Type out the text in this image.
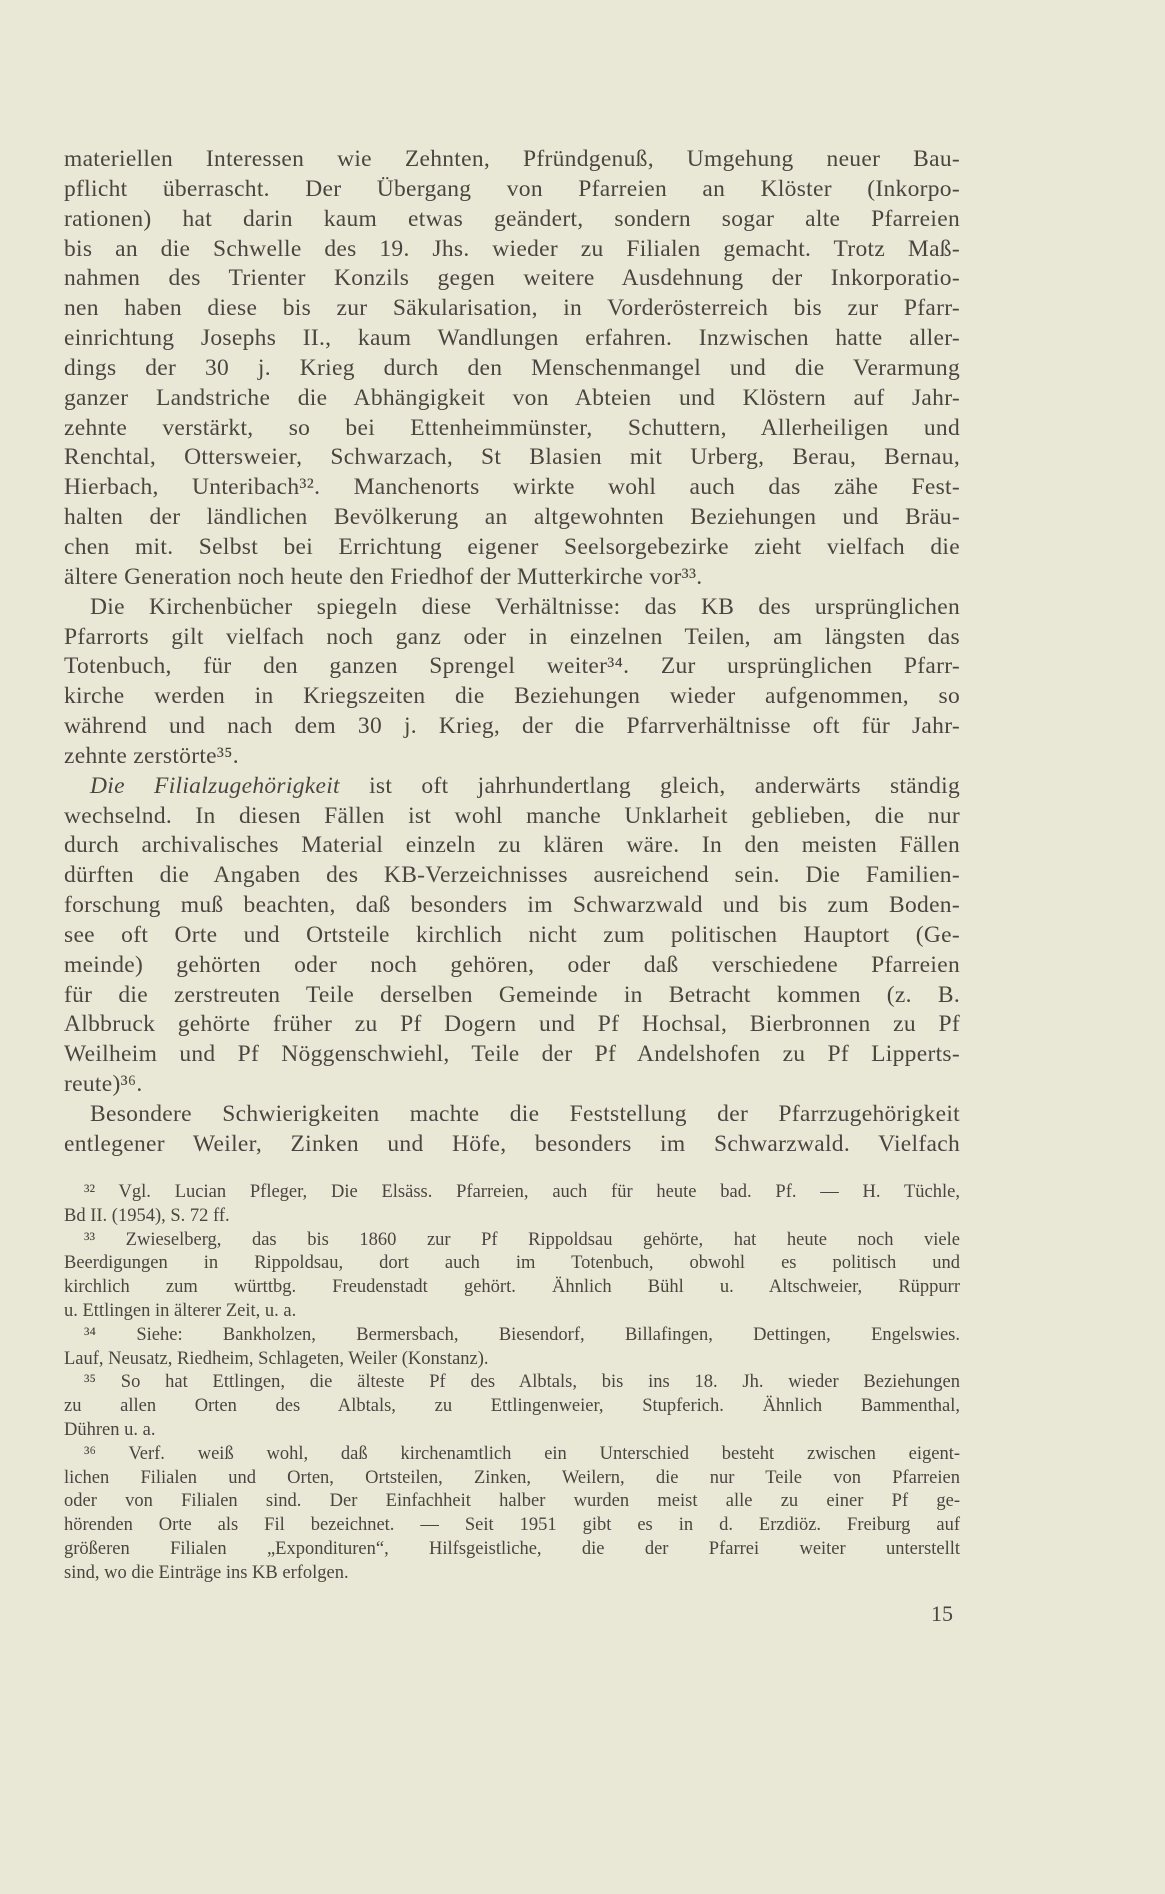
materiellen Interessen wie Zehnten, Pfründgenuß, Umgehung neuer Bau-
pflicht überrascht. Der Übergang von Pfarreien an Klöster (Inkorpo-
rationen) hat darin kaum etwas geändert, sondern sogar alte Pfarreien
bis an die Schwelle des 19. Jhs. wieder zu Filialen gemacht. Trotz Maß-
nahmen des Trienter Konzils gegen weitere Ausdehnung der Inkorporatio-
nen haben diese bis zur Säkularisation, in Vorderösterreich bis zur Pfarr-
einrichtung Josephs II., kaum Wandlungen erfahren. Inzwischen hatte aller-
dings der 30 j. Krieg durch den Menschenmangel und die Verarmung
ganzer Landstriche die Abhängigkeit von Abteien und Klöstern auf Jahr-
zehnte verstärkt, so bei Ettenheimmünster, Schuttern, Allerheiligen und
Renchtal, Ottersweier, Schwarzach, St Blasien mit Urberg, Berau, Bernau,
Hierbach, Unteribach³². Manchenorts wirkte wohl auch das zähe Fest-
halten der ländlichen Bevölkerung an altgewohnten Beziehungen und Bräu-
chen mit. Selbst bei Errichtung eigener Seelsorgebezirke zieht vielfach die
ältere Generation noch heute den Friedhof der Mutterkirche vor³³.
Die Kirchenbücher spiegeln diese Verhältnisse: das KB des ursprünglichen
Pfarrorts gilt vielfach noch ganz oder in einzelnen Teilen, am längsten das
Totenbuch, für den ganzen Sprengel weiter³⁴. Zur ursprünglichen Pfarr-
kirche werden in Kriegszeiten die Beziehungen wieder aufgenommen, so
während und nach dem 30 j. Krieg, der die Pfarrverhältnisse oft für Jahr-
zehnte zerstörte³⁵.
Die Filialzugehörigkeit ist oft jahrhundertlang gleich, anderwärts ständig
wechselnd. In diesen Fällen ist wohl manche Unklarheit geblieben, die nur
durch archivalisches Material einzeln zu klären wäre. In den meisten Fällen
dürften die Angaben des KB-Verzeichnisses ausreichend sein. Die Familien-
forschung muß beachten, daß besonders im Schwarzwald und bis zum Boden-
see oft Orte und Ortsteile kirchlich nicht zum politischen Hauptort (Ge-
meinde) gehörten oder noch gehören, oder daß verschiedene Pfarreien
für die zerstreuten Teile derselben Gemeinde in Betracht kommen (z. B.
Albbruck gehörte früher zu Pf Dogern und Pf Hochsal, Bierbronnen zu Pf
Weilheim und Pf Nöggenschwiehl, Teile der Pf Andelshofen zu Pf Lipperts-
reute)³⁶.
Besondere Schwierigkeiten machte die Feststellung der Pfarrzugehörigkeit
entlegener Weiler, Zinken und Höfe, besonders im Schwarzwald. Vielfach
³² Vgl. Lucian Pfleger, Die Elsäss. Pfarreien, auch für heute bad. Pf. — H. Tüchle,
Bd II. (1954), S. 72 ff.
³³ Zwieselberg, das bis 1860 zur Pf Rippoldsau gehörte, hat heute noch viele
Beerdigungen in Rippoldsau, dort auch im Totenbuch, obwohl es politisch und
kirchlich zum württbg. Freudenstadt gehört. Ähnlich Bühl u. Altschweier, Rüppurr
u. Ettlingen in älterer Zeit, u. a.
³⁴ Siehe: Bankholzen, Bermersbach, Biesendorf, Billafingen, Dettingen, Engelswies.
Lauf, Neusatz, Riedheim, Schlageten, Weiler (Konstanz).
³⁵ So hat Ettlingen, die älteste Pf des Albtals, bis ins 18. Jh. wieder Beziehungen
zu allen Orten des Albtals, zu Ettlingenweier, Stupferich. Ähnlich Bammenthal,
Dühren u. a.
³⁶ Verf. weiß wohl, daß kirchenamtlich ein Unterschied besteht zwischen eigent-
lichen Filialen und Orten, Ortsteilen, Zinken, Weilern, die nur Teile von Pfarreien
oder von Filialen sind. Der Einfachheit halber wurden meist alle zu einer Pf ge-
hörenden Orte als Fil bezeichnet. — Seit 1951 gibt es in d. Erzdiöz. Freiburg auf
größeren Filialen „Expondituren“, Hilfsgeistliche, die der Pfarrei weiter unterstellt
sind, wo die Einträge ins KB erfolgen.
15
